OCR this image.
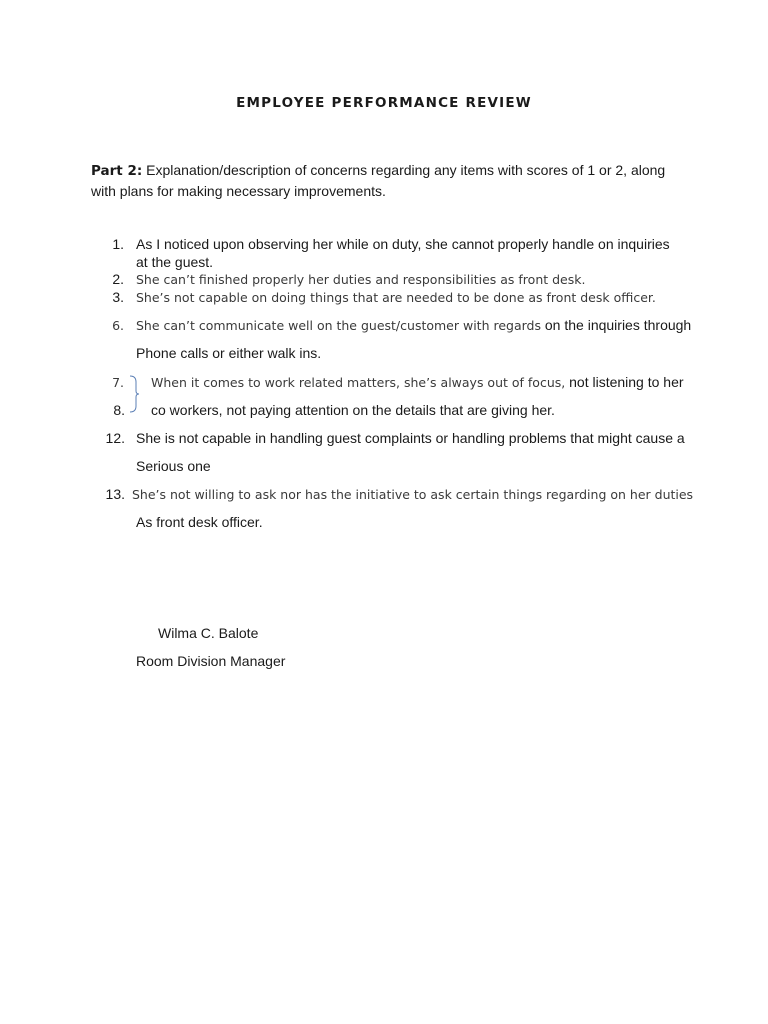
EMPLOYEE PERFORMANCE REVIEW
Part 2: Explanation/description of concerns regarding any items with scores of 1 or 2, along with plans for making necessary improvements.
1. As I noticed upon observing her while on duty, she cannot properly handle on inquiries
at the guest.
2. She can’t finished properly her duties and responsibilities as front desk.
3. She’s not capable on doing things that are needed to be done as front desk officer.
6. She can’t communicate well on the guest/customer with regards on the inquiries through
Phone calls or either walk ins.
7. When it comes to work related matters, she’s always out of focus, not listening to her
8. co workers, not paying attention on the details that are giving her.
12. She is not capable in handling guest complaints or handling problems that might cause a
Serious one
13. She’s not willing to ask nor has the initiative to ask certain things regarding on her duties
As front desk officer.
Wilma C. Balote
Room Division Manager
